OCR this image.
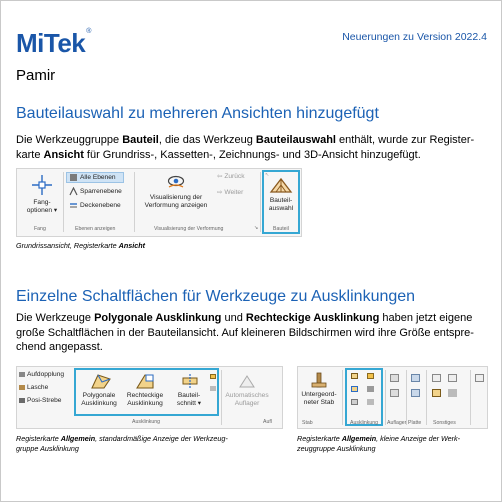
MiTek®	Neuerungen zu Version 2022.4
Pamir
Bauteilauswahl zu mehreren Ansichten hinzugefügt
Die Werkzeuggruppe Bauteil, die das Werkzeug Bauteilauswahl enthält, wurde zur Register-
karte Ansicht für Grundriss-, Kassetten-, Zeichnungs- und 3D-Ansicht hinzugefügt.
Fang-
optionen ▾
Fang
Alle Ebenen
Sparrenebene
Deckenebene
Ebenen anzeigen
Visualisierung der
Verformung anzeigen
⇦ Zurück
⇨ Weiter
Visualisierung der Verformung	↘
↖
Bauteil-
auswahl
Bauteil
Grundrissansicht, Registerkarte Ansicht
Einzelne Schaltflächen für Werkzeuge zu Ausklinkungen
Die Werkzeuge Polygonale Ausklinkung und Rechteckige Ausklinkung haben jetzt eigene
große Schaltflächen in der Bauteilansicht. Auf kleineren Bildschirmen wird ihre Größe entspre-
chend angepasst.
Aufdopplung
Lasche
Posi-Strebe
Polygonale
Ausklinkung
Rechteckige
Ausklinkung
Bauteil-
schnitt ▾
Ausklinkung
Automatisches
Auflager
Aufl
Registerkarte Allgemein, standardmäßige Anzeige der Werkzeug-
gruppe Ausklinkung
Untergeord-
neter Stab
Stab	Ausklinkung Auflager Platte Sonstiges
Registerkarte Allgemein, kleine Anzeige der Werk-
zeuggruppe Ausklinkung
